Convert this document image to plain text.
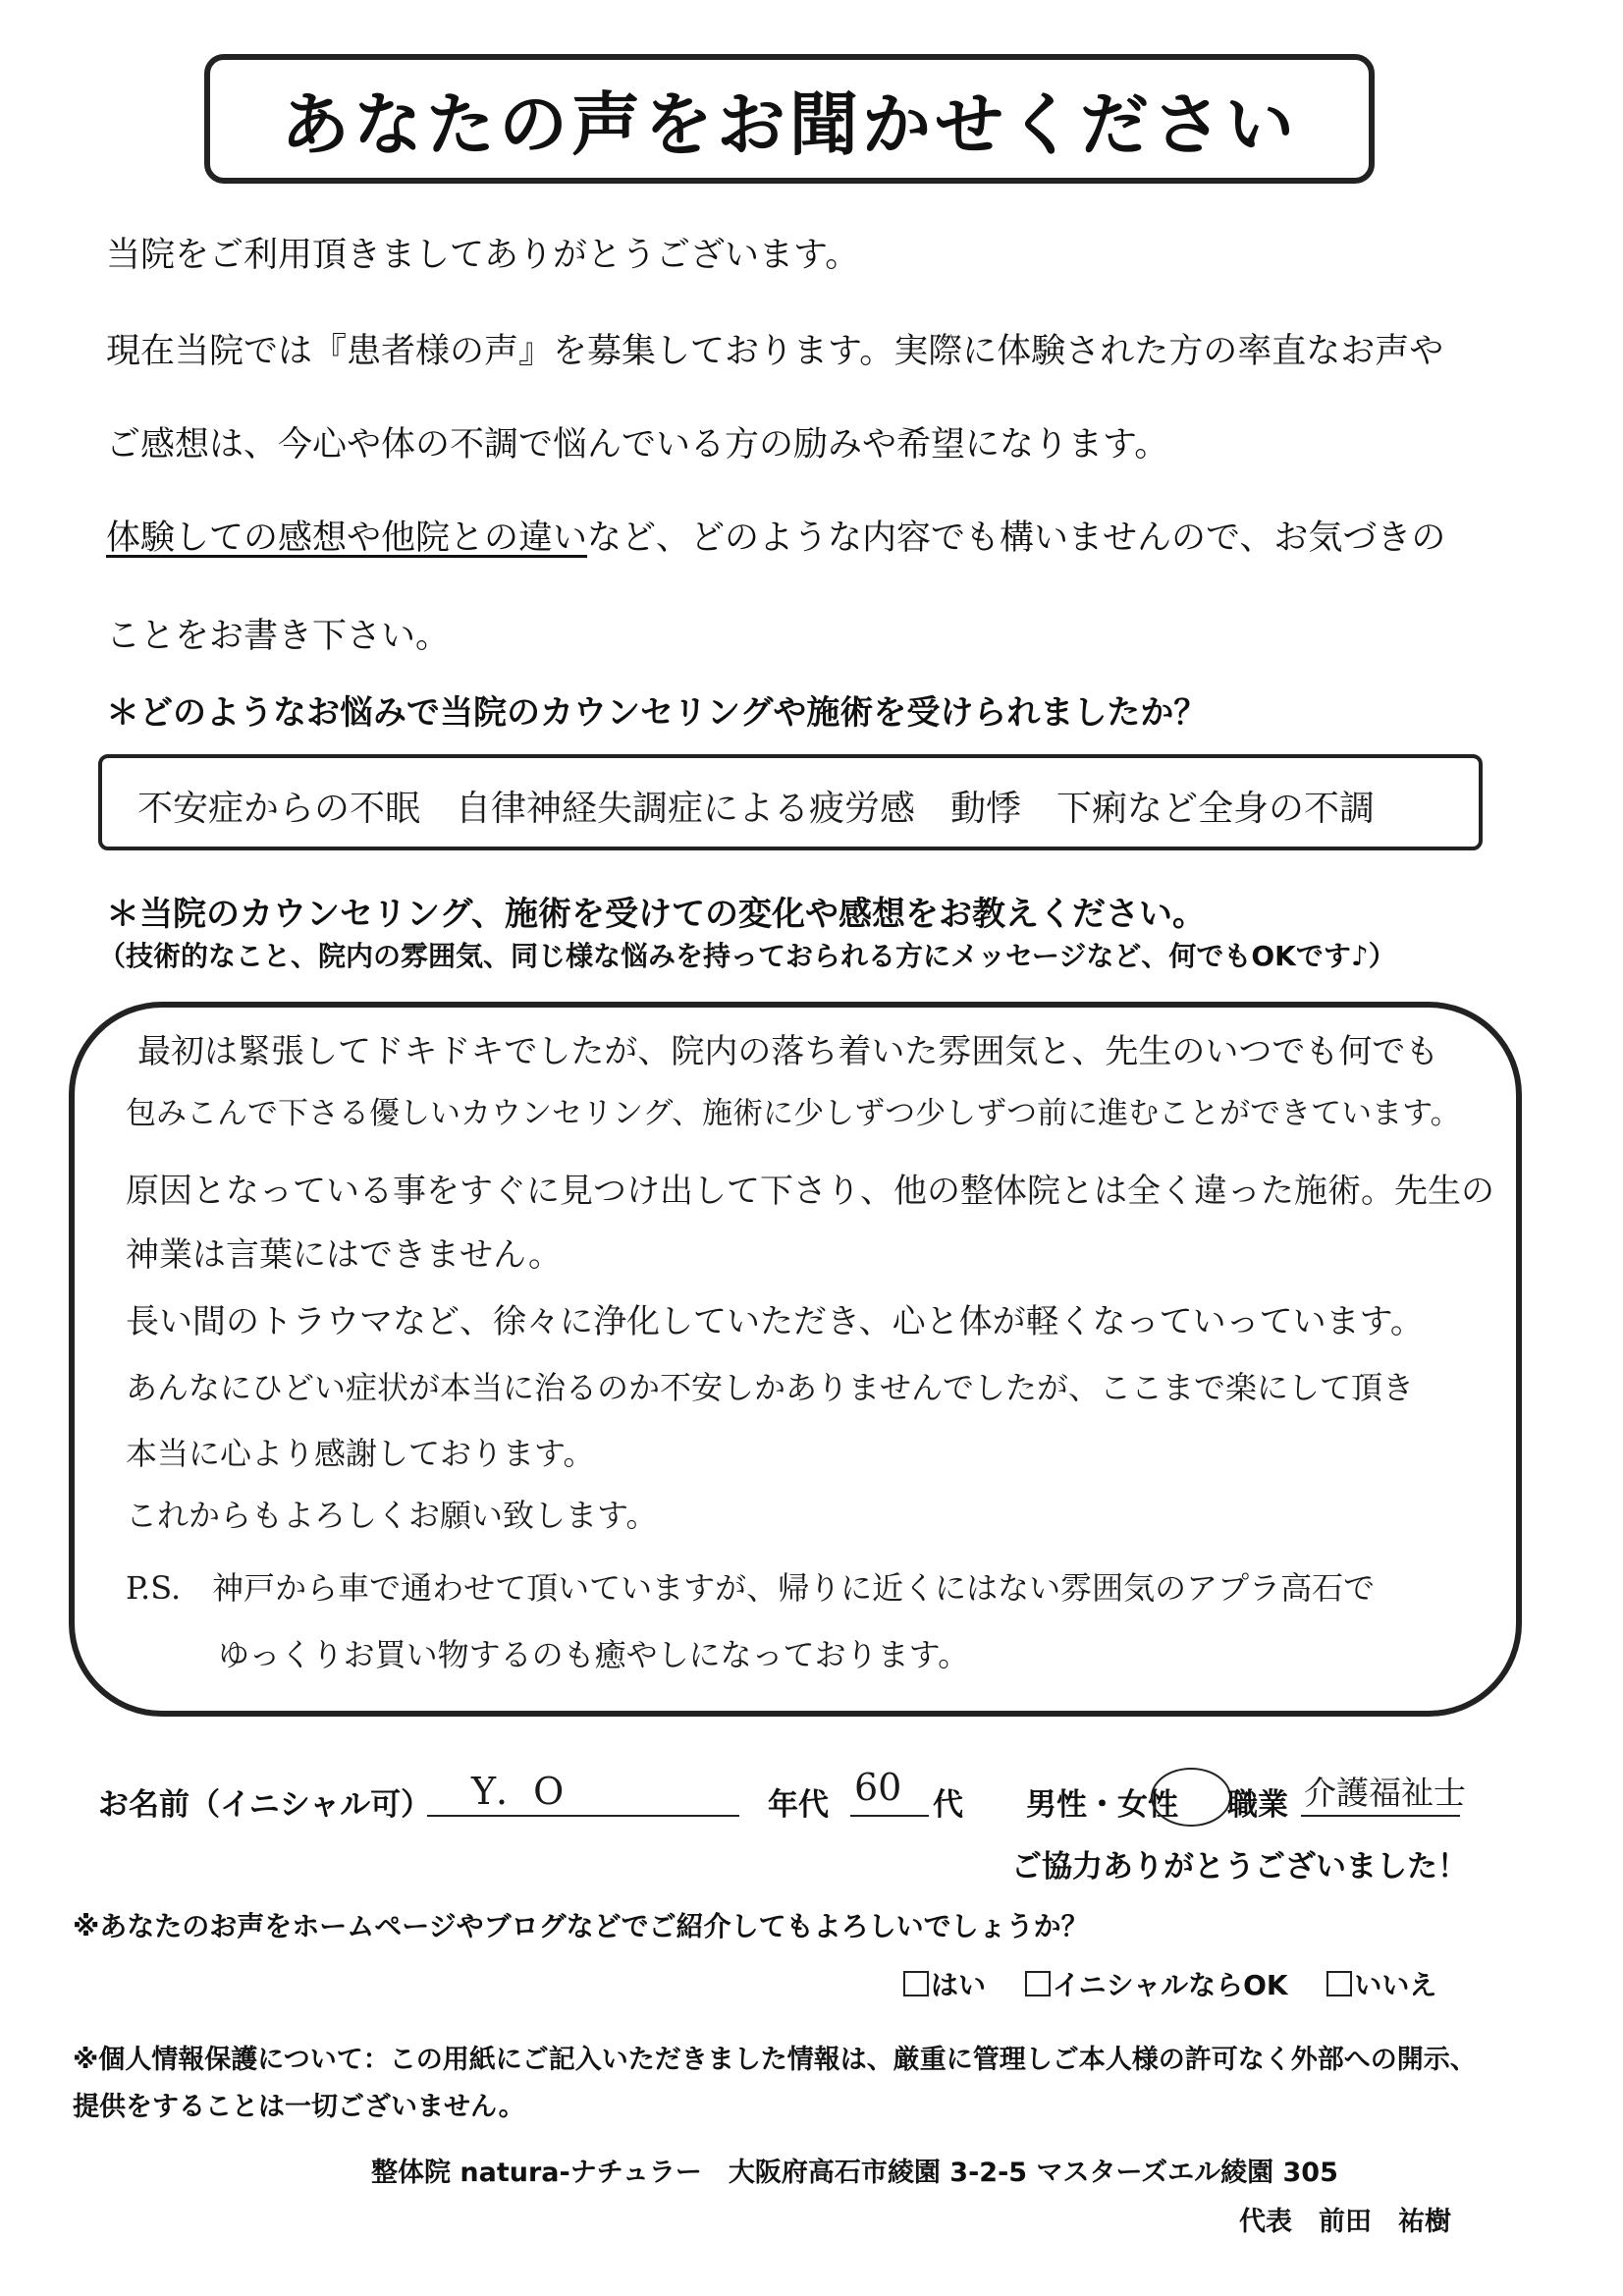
あなたの声をお聞かせください
当院をご利用頂きましてありがとうございます。
現在当院では『患者様の声』を募集しております。実際に体験された方の率直なお声や
ご感想は、今心や体の不調で悩んでいる方の励みや希望になります。
体験しての感想や他院との違いなど、どのような内容でも構いませんので、お気づきの
ことをお書き下さい。
＊どのようなお悩みで当院のカウンセリングや施術を受けられましたか？
不安症からの不眠　自律神経失調症による疲労感　動悸　下痢など全身の不調
＊当院のカウンセリング、施術を受けての変化や感想をお教えください。
（技術的なこと、院内の雰囲気、同じ様な悩みを持っておられる方にメッセージなど、何でもOKです♪）
最初は緊張してドキドキでしたが、院内の落ち着いた雰囲気と、先生のいつでも何でも
包みこんで下さる優しいカウンセリング、施術に少しずつ少しずつ前に進むことができています。
原因となっている事をすぐに見つけ出して下さり、他の整体院とは全く違った施術。先生の
神業は言葉にはできません。
長い間のトラウマなど、徐々に浄化していただき、心と体が軽くなっていっています。
あんなにひどい症状が本当に治るのか不安しかありませんでしたが、ここまで楽にして頂き
本当に心より感謝しております。
これからもよろしくお願い致します。
P.S.　神戸から車で通わせて頂いていますが、帰りに近くにはない雰囲気のアプラ高石で
ゆっくりお買い物するのも癒やしになっております。
お名前（イニシャル可） Y．O	年代 60 代 男性・女性 職業 介護福祉士
ご協力ありがとうございました！
※あなたのお声をホームページやブログなどでご紹介してもよろしいでしょうか？
はい イニシャルならOK いいえ
※個人情報保護について：この用紙にご記入いただきました情報は、厳重に管理しご本人様の許可なく外部への開示、
提供をすることは一切ございません。
整体院 natura-ナチュラー　大阪府高石市綾園 3-2-5 マスターズエル綾園 305
代表　前田　祐樹
